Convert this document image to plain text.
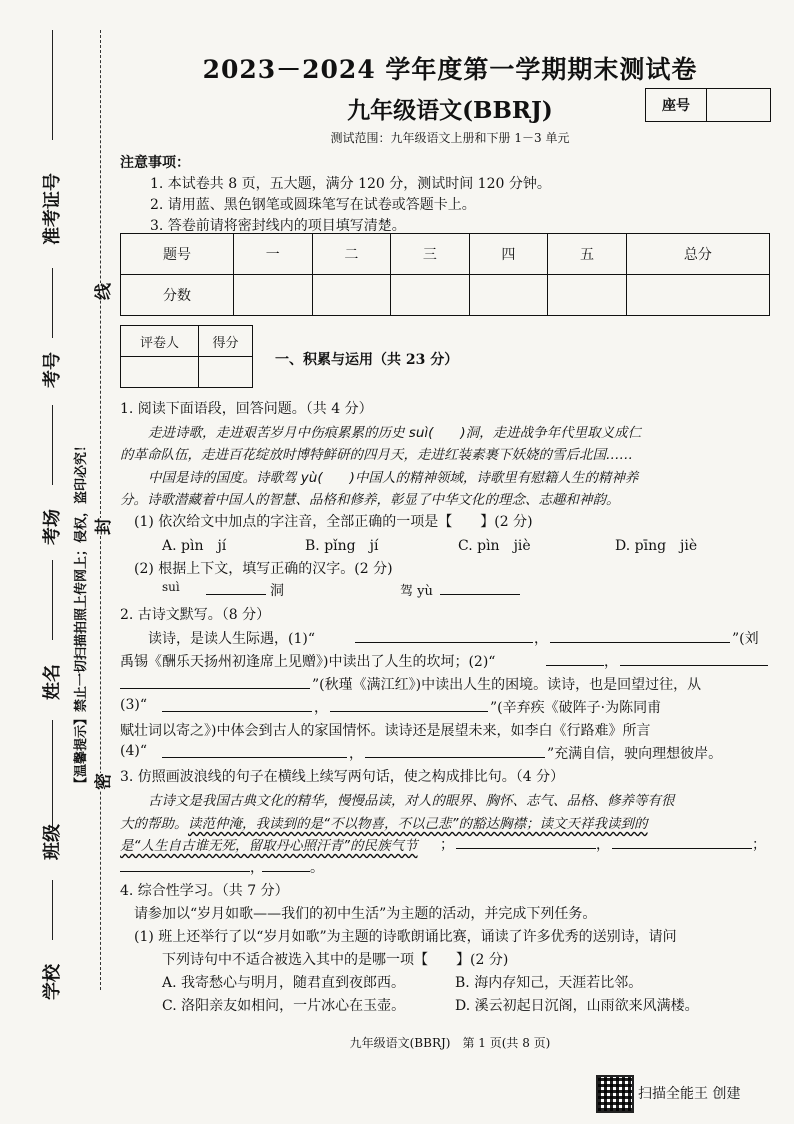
准考证号
考号
考场
姓名
班级
学校
【温馨提示】禁止一切扫描拍照上传网上；侵权，盗印必究！
线
封
密
2023－2024 学年度第一学期期末测试卷
九年级语文(BBRJ)	座号
测试范围：九年级语文上册和下册 1－3 单元
注意事项：
1. 本试卷共 8 页，五大题，满分 120 分，测试时间 120 分钟。
2. 请用蓝、黑色钢笔或圆珠笔写在试卷或答题卡上。
3. 答卷前请将密封线内的项目填写清楚。
题号	一	二	三	四	五	总分
分数						
评卷人	得分

一、积累与运用（共 23 分）
1. 阅读下面语段，回答问题。（共 4 分）
走进诗歌，走进艰苦岁月中伤痕累累的历史 suì(　　)洞，走进战争年代里取义成仁
的革命队伍，走进百花绽放时博特鲜研的四月天，走进红装素裹下妖娆的雪后北国……
中国是诗的国度。诗歌驾 yù(　　)中国人的精神领域，诗歌里有慰籍人生的精神养
分。诗歌潜藏着中国人的智慧、品格和修养，彰显了中华文化的理念、志趣和神韵。
(1) 依次给文中加点的字注音，全部正确的一项是【　　】(2 分)
A. pìn　jí	B. pǐng　jí	C. pìn　jiè	D. pīng　jiè
(2) 根据上下文，填写正确的汉字。(2 分)
suì	洞	驾 yù
2. 古诗文默写。（8 分）
读诗，是读人生际遇，(1)“	，	”(刘
禹锡《酬乐天扬州初逢席上见赠》)中读出了人生的坎坷；(2)“	，
”(秋瑾《满江红》)中读出人生的困境。读诗，也是回望过往，从
(3)“	，	”(辛弃疾《破阵子·为陈同甫
赋壮词以寄之》)中体会到古人的家国情怀。读诗还是展望未来，如李白《行路难》所言
(4)“	，	”充满自信，驶向理想彼岸。
3. 仿照画波浪线的句子在横线上续写两句话，使之构成排比句。（4 分）
古诗文是我国古典文化的精华，慢慢品读，对人的眼界、胸怀、志气、品格、修养等有很
大的帮助。 读范仲淹，我读到的是“不以物喜，不以己悲”的豁达胸襟；读文天祥我读到的
是“人生自古谁无死，留取丹心照汗青”的民族气节 ；	，	；
，	。
4. 综合性学习。（共 7 分）
请参加以“岁月如歌——我们的初中生活”为主题的活动，并完成下列任务。
(1) 班上还举行了以“岁月如歌”为主题的诗歌朗诵比赛，诵读了许多优秀的送别诗，请问
下列诗句中不适合被选入其中的是哪一项【　　】(2 分)
A. 我寄愁心与明月，随君直到夜郎西。	B. 海内存知己，天涯若比邻。
C. 洛阳亲友如相问，一片冰心在玉壶。	D. 溪云初起日沉阁，山雨欲来风满楼。
九年级语文(BBRJ)　第 1 页(共 8 页)
扫描全能王 创建
